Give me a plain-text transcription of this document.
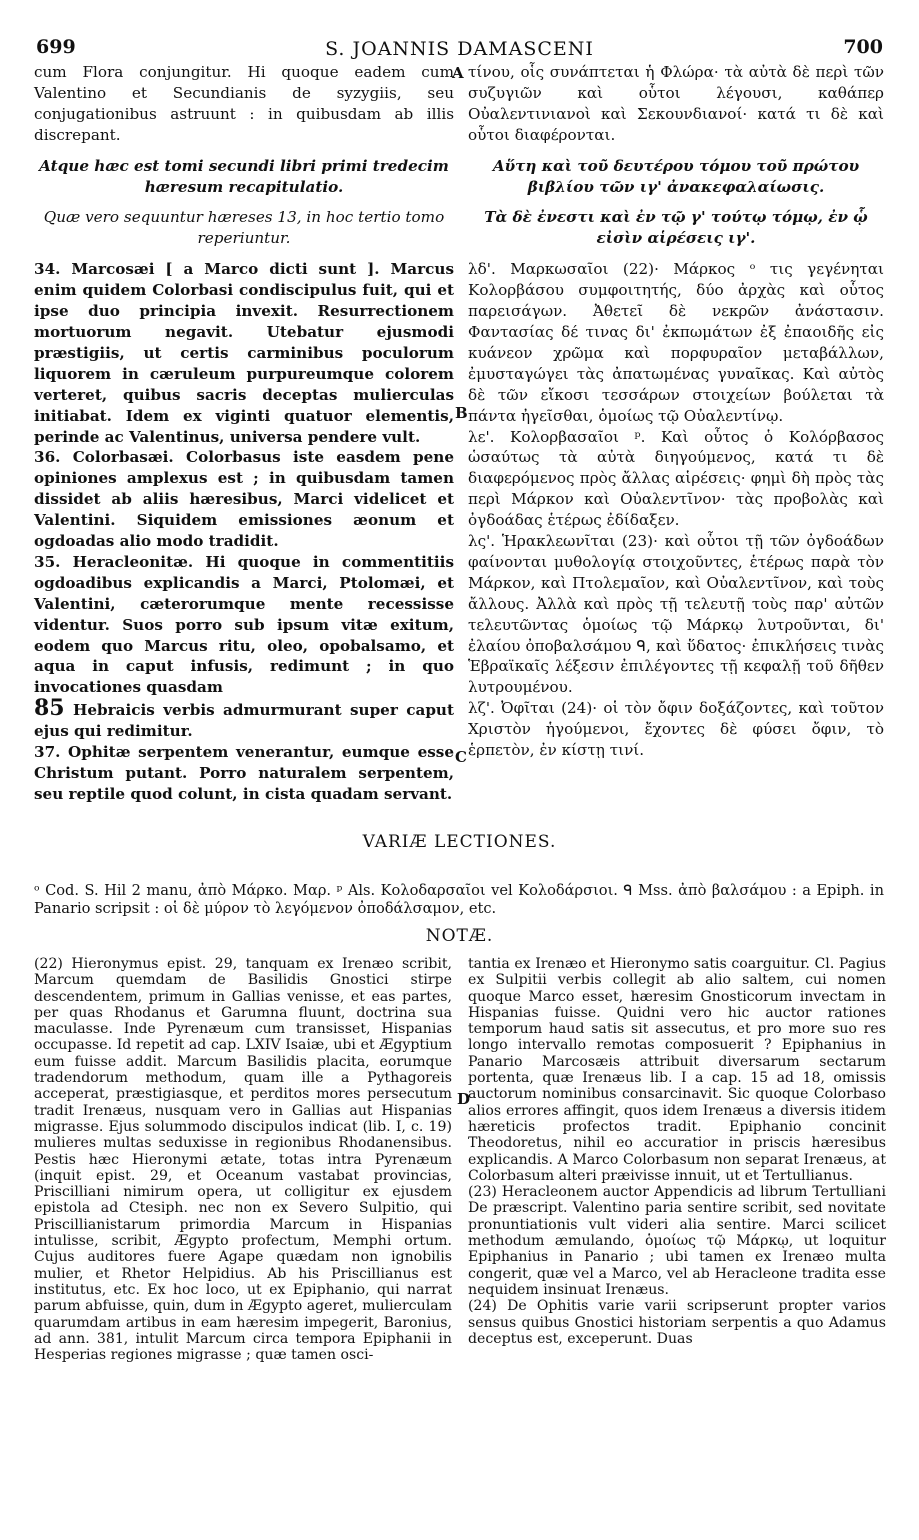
699	S. JOANNIS DAMASCENI	700

cum Flora conjungitur. Hi quoque eadem cum Valentino et Secundianis de syzygiis, seu conjugationibus astruunt : in quibusdam ab illis discrepant.

Atque hæc est tomi secundi libri primi tredecim hæresum recapitulatio.

Quæ vero sequuntur hæreses 13, in hoc tertio tomo reperiuntur.

34. Marcosæi [ a Marco dicti sunt ]. Marcus enim quidem Colorbasi condiscipulus fuit, qui et ipse duo principia invexit. Resurrectionem mortuorum negavit. Utebatur ejusmodi præstigiis, ut certis carminibus poculorum liquorem in cæruleum purpureumque colorem verteret, quibus sacris deceptas mulierculas initiabat. Idem ex viginti quatuor elementis, perinde ac Valentinus, universa pendere vult.

36. Colorbasæi. Colorbasus iste easdem pene opiniones amplexus est ; in quibusdam tamen dissidet ab aliis hæresibus, Marci videlicet et Valentini. Siquidem emissiones æonum et ogdoadas alio modo tradidit.

35. Heracleonitæ. Hi quoque in commentitiis ogdoadibus explicandis a Marci, Ptolomæi, et Valentini, cæterorumque mente recessisse videntur. Suos porro sub ipsum vitæ exitum, eodem quo Marcus ritu, oleo, opobalsamo, et aqua in caput infusis, redimunt ; in quo invocationes quasdam

85 Hebraicis verbis admurmurant super caput ejus qui redimitur.

37. Ophitæ serpentem venerantur, eumque esse Christum putant. Porro naturalem serpentem, seu reptile quod colunt, in cista quadam servant.

τίνου, οἷς συνάπτεται ἡ Φλώρα· τὰ αὐτὰ δὲ περὶ τῶν συζυγιῶν καὶ οὗτοι λέγουσι, καθάπερ Οὐαλεντινιανοὶ καὶ Σεκουνδιανοί· κατά τι δὲ καὶ οὗτοι διαφέρονται.

Αὕτη καὶ τοῦ δευτέρου τόμου τοῦ πρώτου βιβλίου τῶν ιγ' ἀνακεφαλαίωσις.

Τὰ δὲ ἐνεστι καὶ ἐν τῷ γ' τούτῳ τόμῳ, ἐν ᾧ εἰσὶν αἱρέσεις ιγ'.

λδ'. Μαρκωσαῖοι (22)· Μάρκος ᵒ τις γεγένηται Κολορβάσου συμφοιτητής, δύο ἀρχὰς καὶ οὗτος παρεισάγων. Ἀθετεῖ δὲ νεκρῶν ἀνάστασιν. Φαντασίας δέ τινας δι' ἐκπωμάτων ἐξ ἐπαοιδῆς εἰς κυάνεον χρῶμα καὶ πορφυραῖον μεταβάλλων, ἐμυσταγώγει τὰς ἀπατωμένας γυναῖκας. Καὶ αὐτὸς δὲ τῶν εἴκοσι τεσσάρων στοιχείων βούλεται τὰ πάντα ἠγεῖσθαι, ὁμοίως τῷ Οὐαλεντίνῳ.

λε'. Κολορβασαῖοι ᵖ. Καὶ οὗτος ὁ Κολόρβασος ὡσαύτως τὰ αὐτὰ διηγούμενος, κατά τι δὲ διαφερόμενος πρὸς ἄλλας αἱρέσεις· φημὶ δὴ πρὸς τὰς περὶ Μάρκον καὶ Οὐαλεντῖνον· τὰς προβολὰς καὶ ὀγδοάδας ἑτέρως ἐδίδαξεν.

λς'. Ἡρακλεωνῖται (23)· καὶ οὗτοι τῇ τῶν ὀγδοάδων φαίνονται μυθολογίᾳ στοιχοῦντες, ἑτέρως παρὰ τὸν Μάρκον, καὶ Πτολεμαῖον, καὶ Οὐαλεντῖνον, καὶ τοὺς ἄλλους. Ἀλλὰ καὶ πρὸς τῇ τελευτῇ τοὺς παρ' αὐτῶν τελευτῶντας ὁμοίως τῷ Μάρκῳ λυτροῦνται, δι' ἐλαίου ὀποβαλσάμου ᑫ, καὶ ὕδατος· ἐπικλήσεις τινὰς Ἑβραϊκαῖς λέξεσιν ἐπιλέγοντες τῇ κεφαλῇ τοῦ δῆθεν λυτρουμένου.

λζ'. Ὀφῖται (24)· οἱ τὸν ὄφιν δοξάζοντες, καὶ τοῦτον Χριστὸν ἡγούμενοι, ἔχοντες δὲ φύσει ὄφιν, τὸ ἑρπετὸν, ἐν κίστῃ τινί.

A
B
C
D
VARIÆ LECTIONES.

ᵒ Cod. S. Hil 2 manu, ἀπὸ Μάρκο. Μαρ. ᵖ Als. Κολοδαρσαῖοι vel Κολοδάρσιοι. ᑫ Mss. ἀπὸ βαλσάμου : a Epiph. in Panario scripsit : οἱ δὲ μύρον τὸ λεγόμενον ὀποδάλσαμον, etc.

NOTÆ.

(22) Hieronymus epist. 29, tanquam ex Irenæo scribit, Marcum quemdam de Basilidis Gnostici stirpe descendentem, primum in Gallias venisse, et eas partes, per quas Rhodanus et Garumna fluunt, doctrina sua maculasse. Inde Pyrenæum cum transisset, Hispanias occupasse. Id repetit ad cap. LXIV Isaiæ, ubi et Ægyptium eum fuisse addit. Marcum Basilidis placita, eorumque tradendorum methodum, quam ille a Pythagoreis acceperat, præstigiasque, et perditos mores persecutum tradit Irenæus, nusquam vero in Gallias aut Hispanias migrasse. Ejus solummodo discipulos indicat (lib. I, c. 19) mulieres multas seduxisse in regionibus Rhodanensibus. Pestis hæc Hieronymi ætate, totas intra Pyrenæum (inquit epist. 29, et Oceanum vastabat provincias, Priscilliani nimirum opera, ut colligitur ex ejusdem epistola ad Ctesiph. nec non ex Severo Sulpitio, qui Priscillianistarum primordia Marcum in Hispanias intulisse, scribit, Ægypto profectum, Memphi ortum. Cujus auditores fuere Agape quædam non ignobilis mulier, et Rhetor Helpidius. Ab his Priscillianus est institutus, etc. Ex hoc loco, ut ex Epiphanio, qui narrat parum abfuisse, quin, dum in Ægypto ageret, mulierculam quarumdam artibus in eam hæresim impegerit, Baronius, ad ann. 381, intulit Marcum circa tempora Epiphanii in Hesperias regiones migrasse ; quæ tamen osci-

tantia ex Irenæo et Hieronymo satis coarguitur. Cl. Pagius ex Sulpitii verbis collegit ab alio saltem, cui nomen quoque Marco esset, hæresim Gnosticorum invectam in Hispanias fuisse. Quidni vero hic auctor rationes temporum haud satis sit assecutus, et pro more suo res longo intervallo remotas composuerit ? Epiphanius in Panario Marcosæis attribuit diversarum sectarum portenta, quæ Irenæus lib. I a cap. 15 ad 18, omissis auctorum nominibus consarcinavit. Sic quoque Colorbaso alios errores affingit, quos idem Irenæus a diversis itidem hæreticis profectos tradit. Epiphanio concinit Theodoretus, nihil eo accuratior in priscis hæresibus explicandis. A Marco Colorbasum non separat Irenæus, at Colorbasum alteri præivisse innuit, ut et Tertullianus.

(23) Heracleonem auctor Appendicis ad librum Tertulliani De præscript. Valentino paria sentire scribit, sed novitate pronuntiationis vult videri alia sentire. Marci scilicet methodum æmulando, ὁμοίως τῷ Μάρκῳ, ut loquitur Epiphanius in Panario ; ubi tamen ex Irenæo multa congerit, quæ vel a Marco, vel ab Heracleone tradita esse nequidem insinuat Irenæus.

(24) De Ophitis varie varii scripserunt propter varios sensus quibus Gnostici historiam serpentis a quo Adamus deceptus est, exceperunt. Duas
